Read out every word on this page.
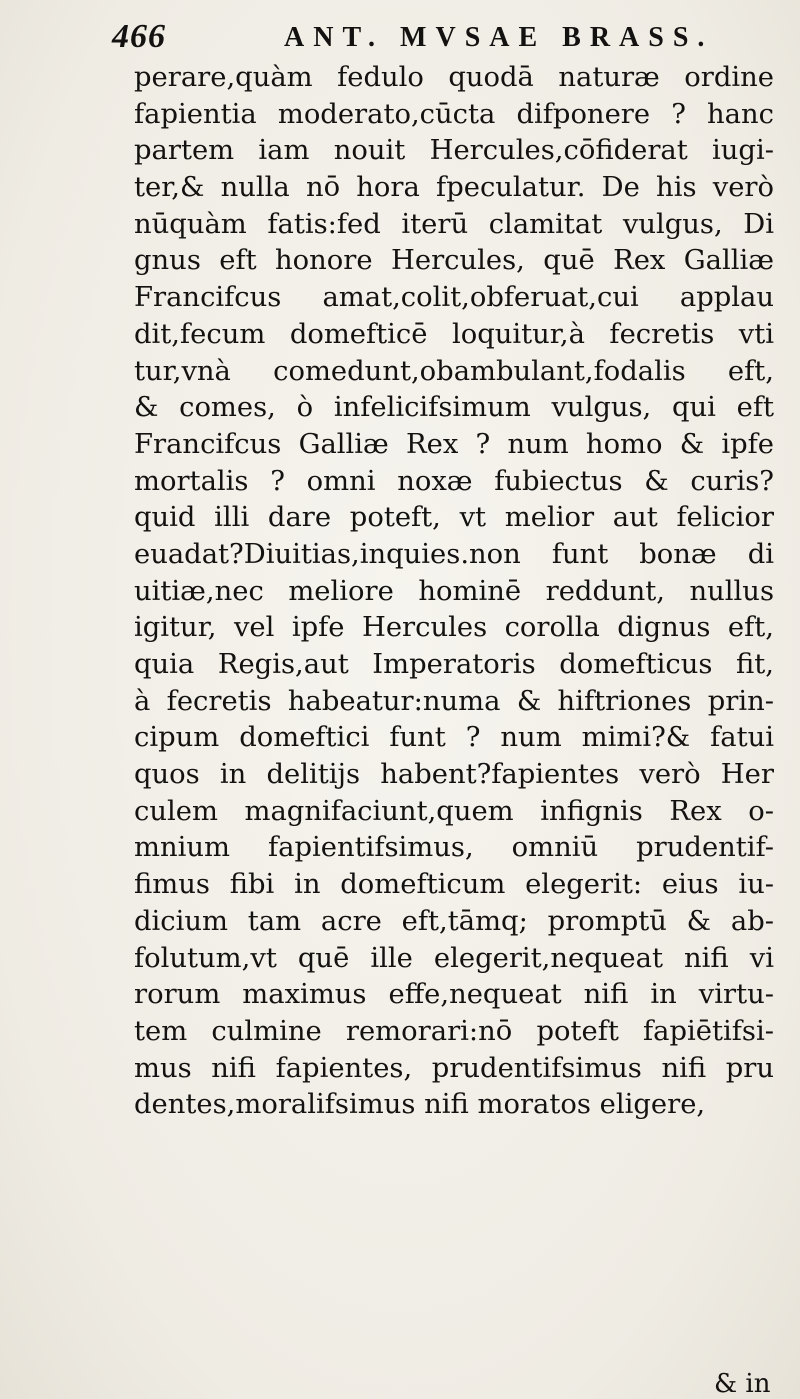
466	ANT. MVSAE BRASS.
perare,quàm fedulo quodā naturæ ordine
fapientia moderato,cūcta difponere ? hanc
partem iam nouit Hercules,cōfiderat iugi-
ter,& nulla nō hora fpeculatur. De his verò
nūquàm fatis:fed iterū clamitat vulgus, Di
gnus eft honore Hercules, quē Rex Galliæ
Francifcus amat,colit,obferuat,cui applau
dit,fecum domefticē loquitur,à fecretis vti
tur,vnà comedunt,obambulant,fodalis eft,
& comes, ò infelicifsimum vulgus, qui eft
Francifcus Galliæ Rex ? num homo & ipfe
mortalis ? omni noxæ fubiectus & curis?
quid illi dare poteft, vt melior aut felicior
euadat?Diuitias,inquies.non funt bonæ di
uitiæ,nec meliore hominē reddunt, nullus
igitur, vel ipfe Hercules corolla dignus eft,
quia Regis,aut Imperatoris domefticus fit,
à fecretis habeatur:numa & hiftriones prin-
cipum domeftici funt ? num mimi?& fatui
quos in delitijs habent?fapientes verò Her
culem magnifaciunt,quem infignis Rex o-
mnium fapientifsimus, omniū prudentif-
fimus fibi in domefticum elegerit: eius iu-
dicium tam acre eft,tāmq; promptū & ab-
folutum,vt quē ille elegerit,nequeat nifi vi
rorum maximus effe,nequeat nifi in virtu-
tem culmine remorari:nō poteft fapiētifsi-
mus nifi fapientes, prudentifsimus nifi pru
dentes,moralifsimus nifi moratos eligere,
& in
